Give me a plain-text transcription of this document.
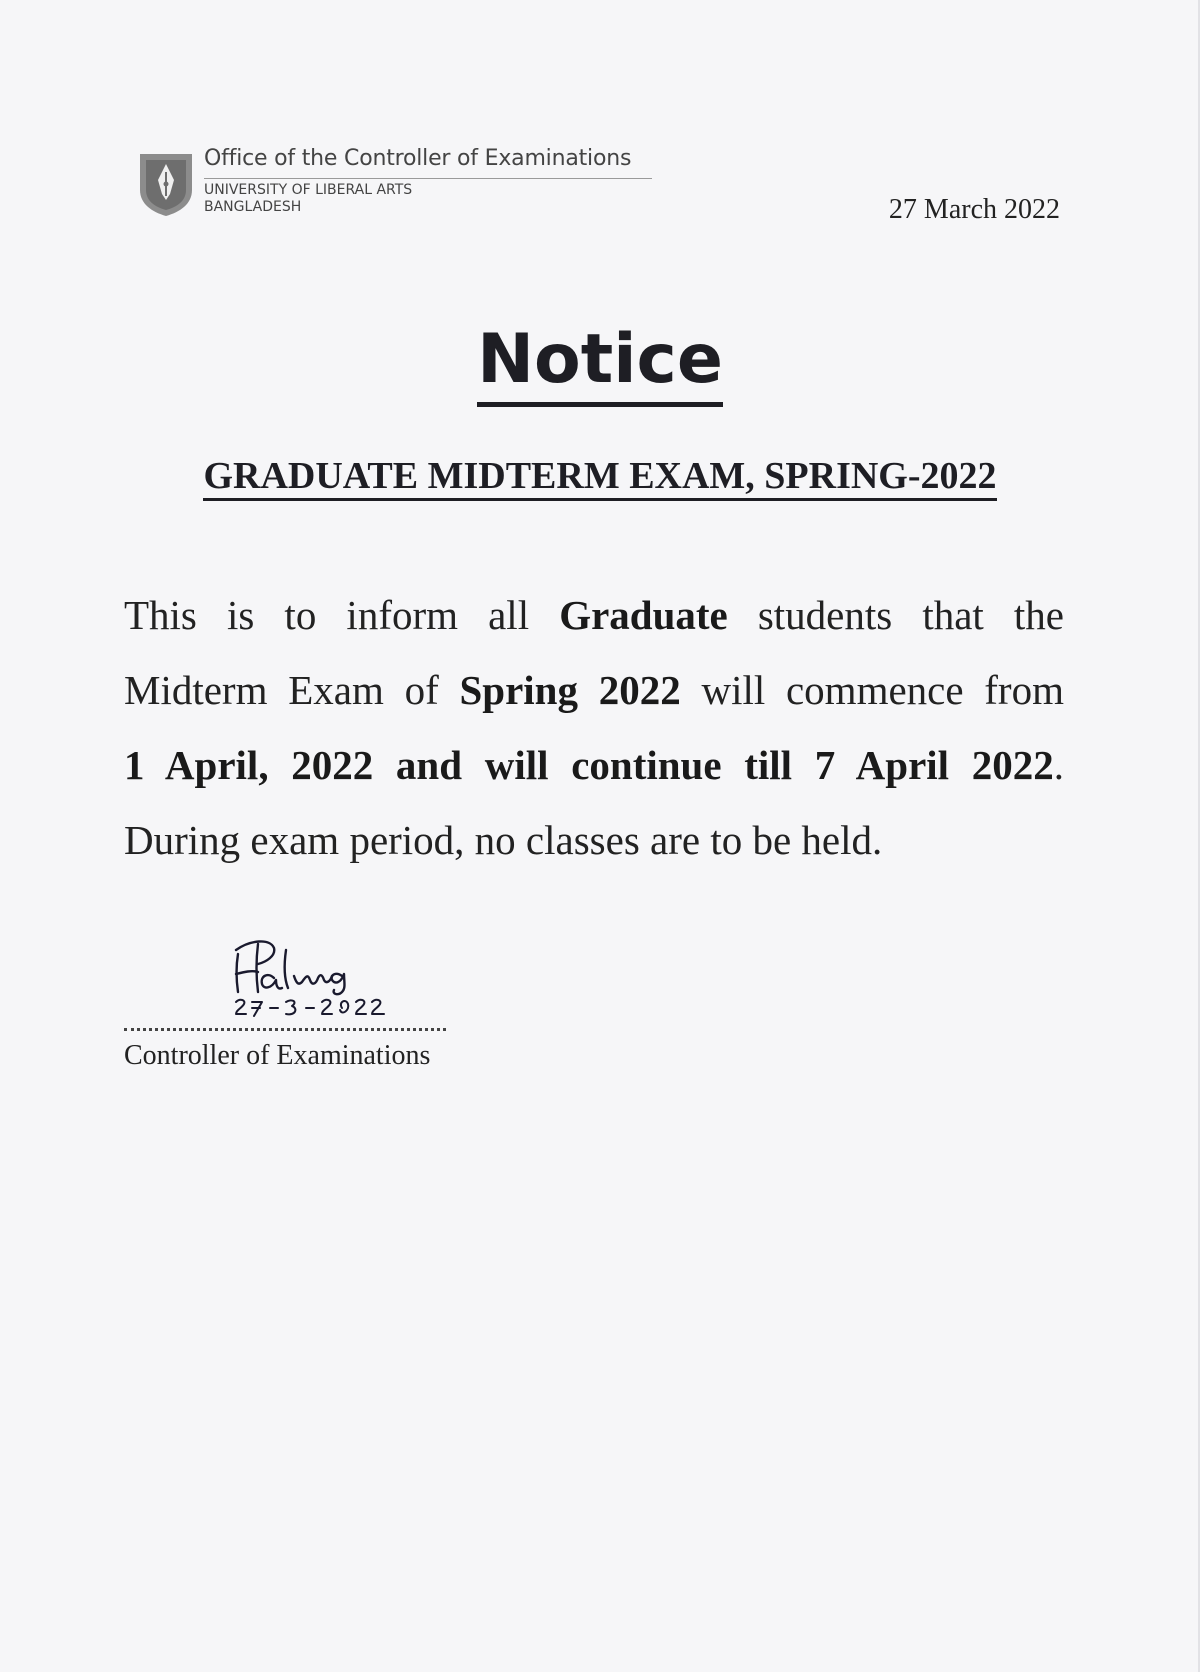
Office of the Controller of Examinations
UNIVERSITY OF LIBERAL ARTS
BANGLADESH	27 March 2022
Notice
GRADUATE MIDTERM EXAM, SPRING-2022
This is to inform all Graduate students that the
Midterm Exam of Spring 2022 will commence from
1 April, 2022 and will continue till 7 April 2022.
During exam period, no classes are to be held.
Controller of Examinations
